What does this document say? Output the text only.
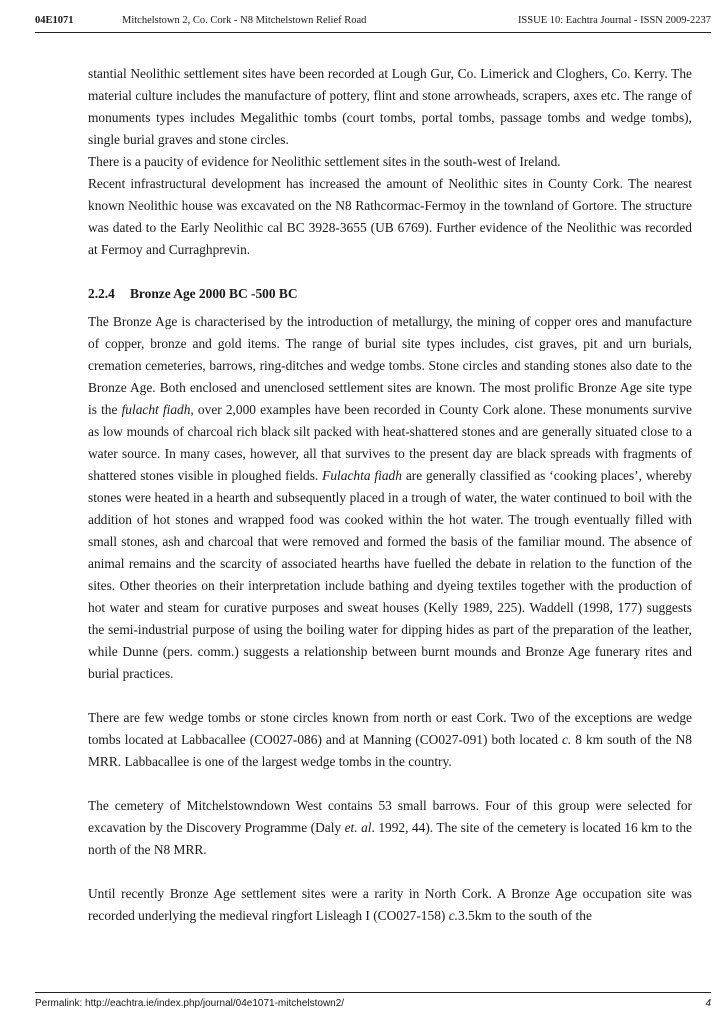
04E1071	Mitchelstown 2, Co. Cork - N8 Mitchelstown Relief Road	ISSUE 10: Eachtra Journal - ISSN 2009-2237

stantial Neolithic settlement sites have been recorded at Lough Gur, Co. Limerick and Cloghers, Co. Kerry. The material culture includes the manufacture of pottery, flint and stone arrowheads, scrapers, axes etc. The range of monuments types includes Megalithic tombs (court tombs, portal tombs, passage tombs and wedge tombs), single burial graves and stone circles.

There is a paucity of evidence for Neolithic settlement sites in the south-west of Ireland.

Recent infrastructural development has increased the amount of Neolithic sites in County Cork. The nearest known Neolithic house was excavated on the N8 Rathcormac-Fermoy in the townland of Gortore. The structure was dated to the Early Neolithic cal BC 3928-3655 (UB 6769). Further evidence of the Neolithic was recorded at Fermoy and Curraghprevin.

2.2.4 Bronze Age 2000 BC -500 BC

The Bronze Age is characterised by the introduction of metallurgy, the mining of copper ores and manufacture of copper, bronze and gold items. The range of burial site types includes, cist graves, pit and urn burials, cremation cemeteries, barrows, ring-ditches and wedge tombs. Stone circles and standing stones also date to the Bronze Age. Both enclosed and unenclosed settlement sites are known. The most prolific Bronze Age site type is the fulacht fiadh, over 2,000 examples have been recorded in County Cork alone. These monuments survive as low mounds of charcoal rich black silt packed with heat-shattered stones and are generally situated close to a water source. In many cases, however, all that survives to the present day are black spreads with fragments of shattered stones visible in ploughed fields. Fulachta fiadh are generally classified as ‘cooking places’, whereby stones were heated in a hearth and subsequently placed in a trough of water, the water continued to boil with the addition of hot stones and wrapped food was cooked within the hot water. The trough eventually filled with small stones, ash and charcoal that were removed and formed the basis of the familiar mound. The absence of animal remains and the scarcity of associated hearths have fuelled the debate in relation to the function of the sites. Other theories on their interpretation include bathing and dyeing textiles together with the production of hot water and steam for curative purposes and sweat houses (Kelly 1989, 225). Waddell (1998, 177) suggests the semi-industrial purpose of using the boiling water for dipping hides as part of the preparation of the leather, while Dunne (pers. comm.) suggests a relationship between burnt mounds and Bronze Age funerary rites and burial practices.

There are few wedge tombs or stone circles known from north or east Cork. Two of the exceptions are wedge tombs located at Labbacallee (CO027-086) and at Manning (CO027-091) both located c. 8 km south of the N8 MRR. Labbacallee is one of the largest wedge tombs in the country.

The cemetery of Mitchelstowndown West contains 53 small barrows. Four of this group were selected for excavation by the Discovery Programme (Daly et. al. 1992, 44). The site of the cemetery is located 16 km to the north of the N8 MRR.

Until recently Bronze Age settlement sites were a rarity in North Cork. A Bronze Age occupation site was recorded underlying the medieval ringfort Lisleagh I (CO027-158) c.3.5km to the south of the

Permalink: http://eachtra.ie/index.php/journal/04e1071-mitchelstown2/	4
